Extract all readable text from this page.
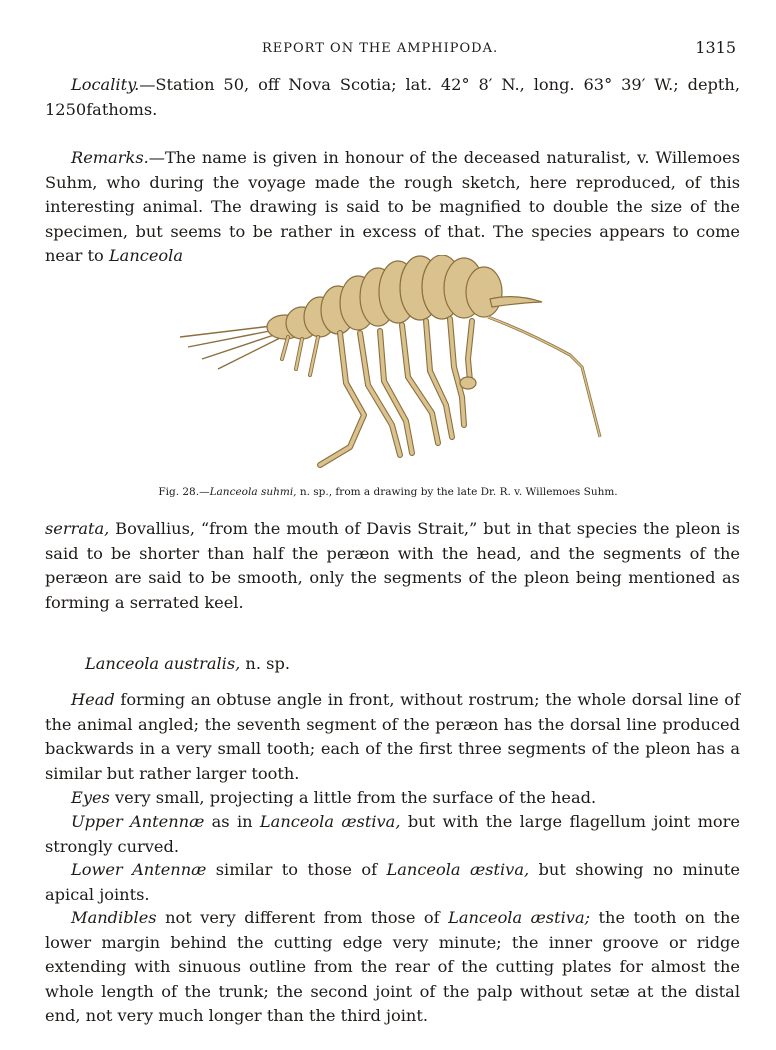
REPORT ON THE AMPHIPODA.	1315

Locality.—Station 50, off Nova Scotia; lat. 42° 8′ N., long. 63° 39′ W.; depth, 1250fathoms.

Remarks.—The name is given in honour of the deceased naturalist, v. Willemoes Suhm, who during the voyage made the rough sketch, here reproduced, of this interesting animal. The drawing is said to be magnified to double the size of the specimen, but seems to be rather in excess of that. The species appears to come near to Lanceola

Fig. 28.—Lanceola suhmi, n. sp., from a drawing by the late Dr. R. v. Willemoes Suhm.

serrata, Bovallius, “from the mouth of Davis Strait,” but in that species the pleon is said to be shorter than half the peræon with the head, and the segments of the peræon are said to be smooth, only the segments of the pleon being mentioned as forming a serrated keel.

Lanceola australis, n. sp.

Head forming an obtuse angle in front, without rostrum; the whole dorsal line of the animal angled; the seventh segment of the peræon has the dorsal line produced backwards in a very small tooth; each of the first three segments of the pleon has a similar but rather larger tooth.

Eyes very small, projecting a little from the surface of the head.

Upper Antennæ as in Lanceola æstiva, but with the large flagellum joint more strongly curved.

Lower Antennæ similar to those of Lanceola æstiva, but showing no minute apical joints.

Mandibles not very different from those of Lanceola æstiva; the tooth on the lower margin behind the cutting edge very minute; the inner groove or ridge extending with sinuous outline from the rear of the cutting plates for almost the whole length of the trunk; the second joint of the palp without setæ at the distal end, not very much longer than the third joint.
